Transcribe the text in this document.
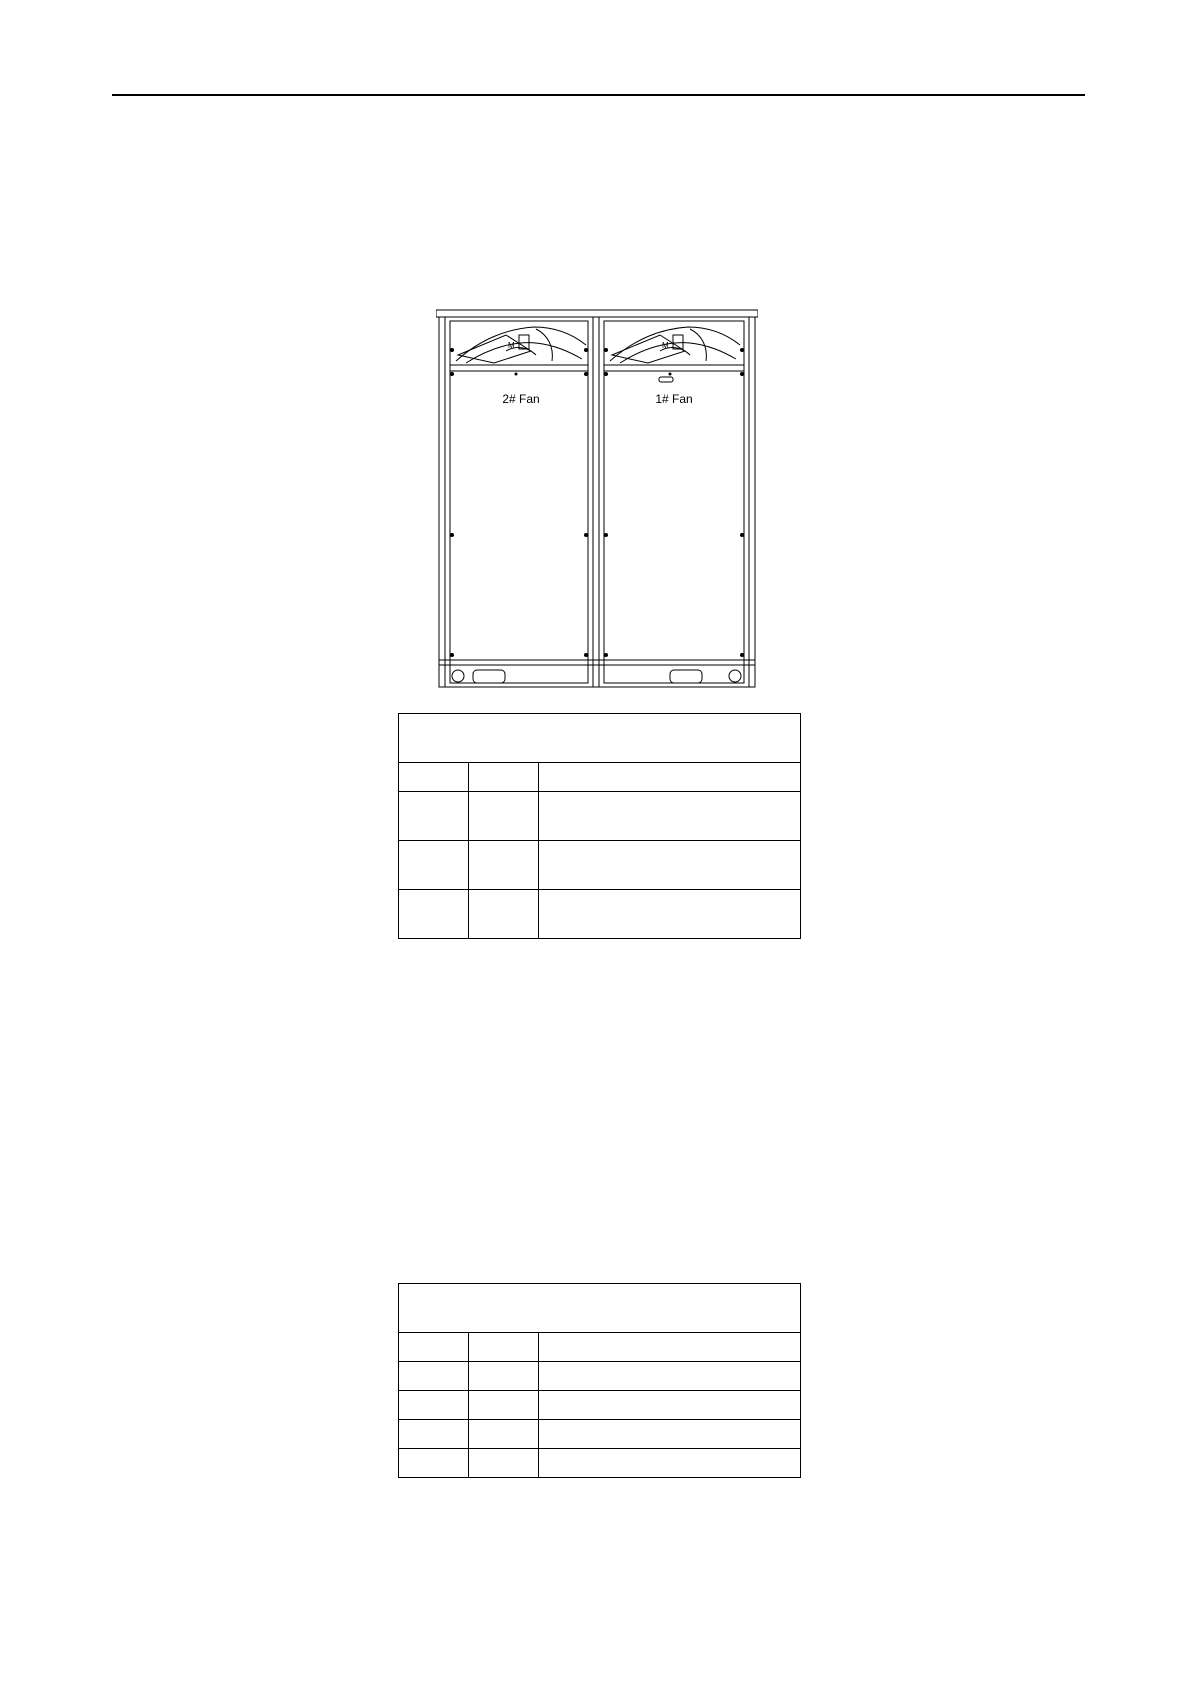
M	M
2# Fan	1# Fan
